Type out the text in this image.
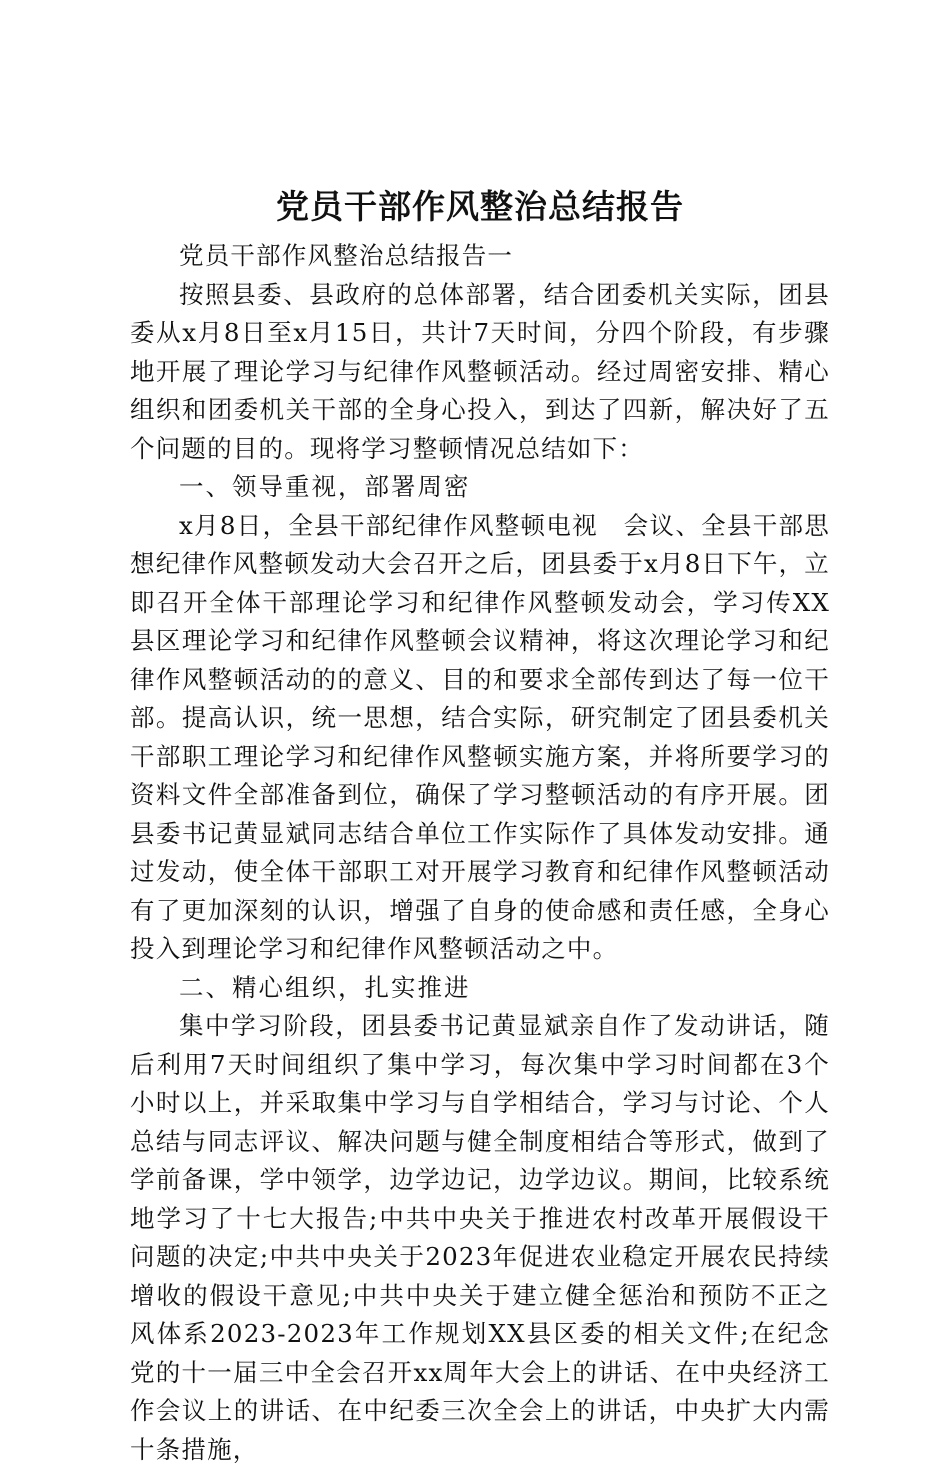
党员干部作风整治总结报告

党员干部作风整治总结报告一

按照县委、县政府的总体部署，结合团委机关实际，团县委从x月8日至x月15日，共计7天时间，分四个阶段，有步骤地开展了理论学习与纪律作风整顿活动。经过周密安排、精心组织和团委机关干部的全身心投入，到达了四新，解决好了五个问题的目的。现将学习整顿情况总结如下：

一、领导重视，部署周密

x月8日，全县干部纪律作风整顿电视　会议、全县干部思想纪律作风整顿发动大会召开之后，团县委于x月8日下午，立即召开全体干部理论学习和纪律作风整顿发动会，学习传XX县区理论学习和纪律作风整顿会议精神，将这次理论学习和纪律作风整顿活动的的意义、目的和要求全部传到达了每一位干部。提高认识，统一思想，结合实际，研究制定了团县委机关干部职工理论学习和纪律作风整顿实施方案，并将所要学习的资料文件全部准备到位，确保了学习整顿活动的有序开展。团县委书记黄显斌同志结合单位工作实际作了具体发动安排。通过发动，使全体干部职工对开展学习教育和纪律作风整顿活动有了更加深刻的认识，增强了自身的使命感和责任感，全身心投入到理论学习和纪律作风整顿活动之中。

二、精心组织，扎实推进

集中学习阶段，团县委书记黄显斌亲自作了发动讲话，随后利用7天时间组织了集中学习，每次集中学习时间都在3个小时以上，并采取集中学习与自学相结合，学习与讨论、个人总结与同志评议、解决问题与健全制度相结合等形式，做到了学前备课，学中领学，边学边记，边学边议。期间，比较系统地学习了十七大报告;中共中央关于推进农村改革开展假设干问题的决定;中共中央关于2023年促进农业稳定开展农民持续增收的假设干意见;中共中央关于建立健全惩治和预防不正之风体系2023-2023年工作规划XX县区委的相关文件;在纪念党的十一届三中全会召开xx周年大会上的讲话、在中央经济工作会议上的讲话、在中纪委三次全会上的讲话，中央扩大内需十条措施，
